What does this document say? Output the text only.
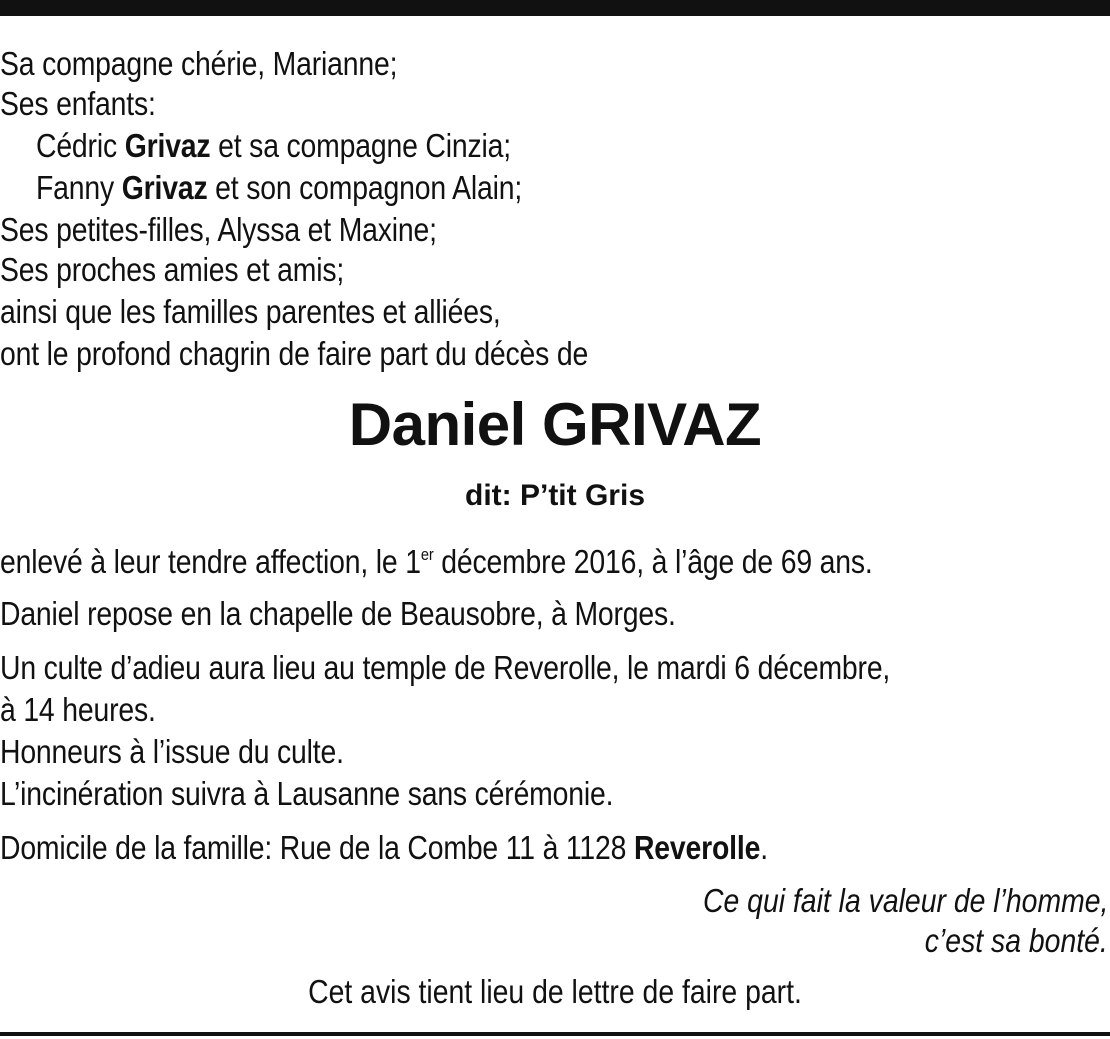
Sa compagne chérie, Marianne;
Ses enfants:
Cédric Grivaz et sa compagne Cinzia;
Fanny Grivaz et son compagnon Alain;
Ses petites-filles, Alyssa et Maxine;
Ses proches amies et amis;
ainsi que les familles parentes et alliées,
ont le profond chagrin de faire part du décès de
Daniel GRIVAZ
dit: P’tit Gris
enlevé à leur tendre affection, le 1er décembre 2016, à l’âge de 69 ans.
Daniel repose en la chapelle de Beausobre, à Morges.
Un culte d’adieu aura lieu au temple de Reverolle, le mardi 6 décembre,
à 14 heures.
Honneurs à l’issue du culte.
L’incinération suivra à Lausanne sans cérémonie.
Domicile de la famille: Rue de la Combe 11 à 1128 Reverolle.
Ce qui fait la valeur de l’homme,
c’est sa bonté.
Cet avis tient lieu de lettre de faire part.
